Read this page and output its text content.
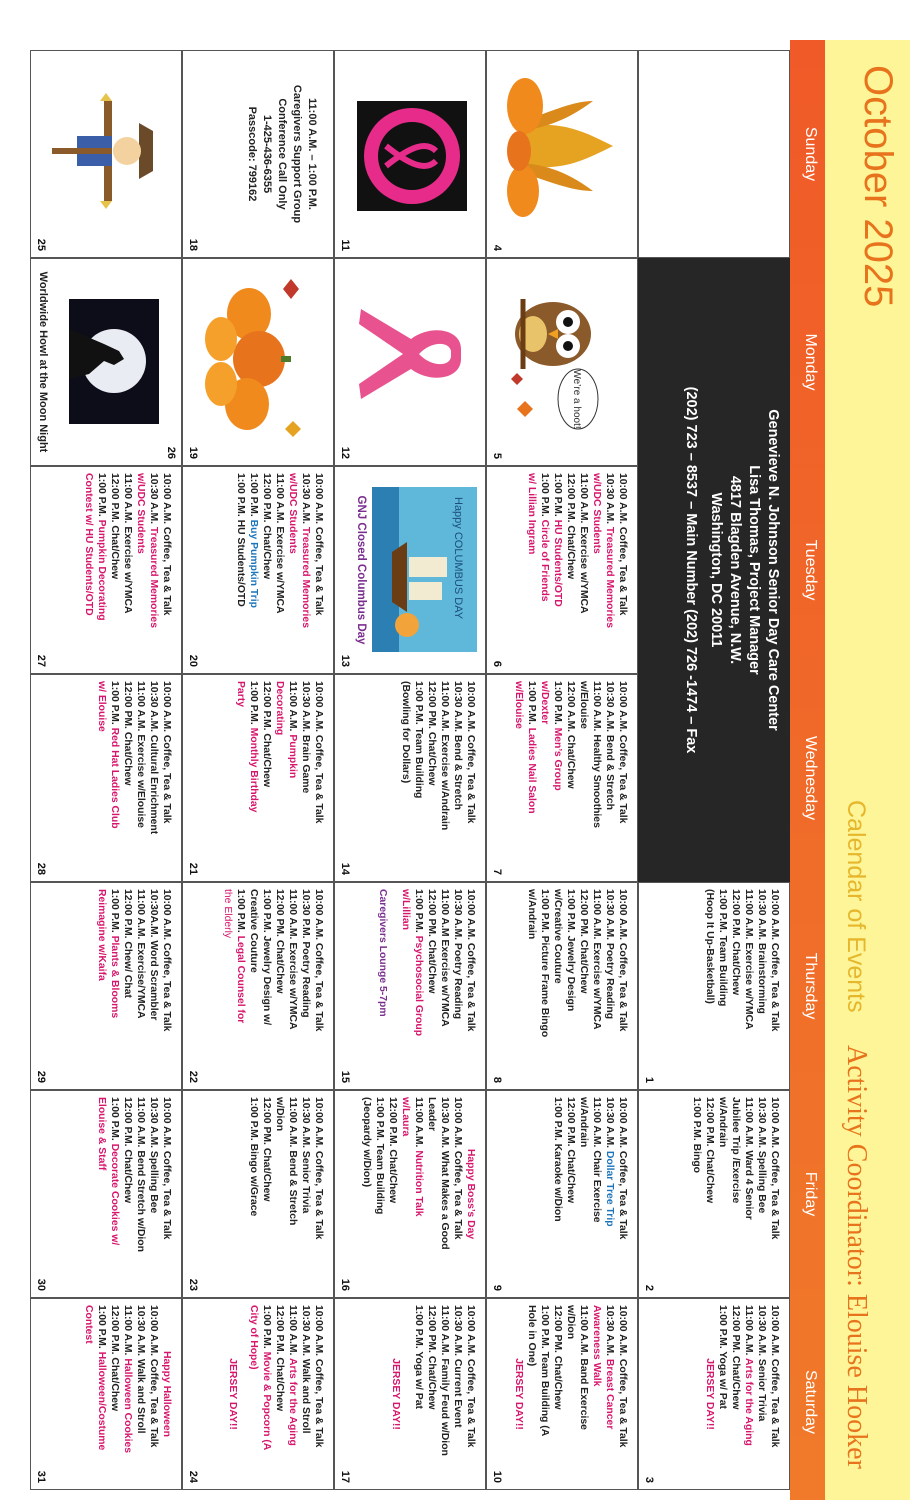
October 2025
Calendar of Events
Activity Coordinator: Elouise Hooker
Sunday
Monday
Tuesday
Wednesday
Thursday
Friday
Saturday
Genevieve N. Johnson Senior Day Care Center
Lisa Thomas, Project Manager
4817 Blagden Avenue, N.W.
Washington, DC 20011
(202) 723 – 8537 – Main Number (202) 726 -1474 – Fax
10:00 A.M. Coffee, Tea & Talk
10:30 A.M. Brainstorming
11:00 A.M. Exercise w/YMCA
12:00 P.M. Chat/Chew
1:00 P.M. Team Building
(Hoop It Up-Basketball)
1
10:00 A.M. Coffee, Tea & Talk
10:30 A.M. Spelling Bee
11:00 A.M. Ward 4 Senior
Jubilee Trip /Exercise
w/Andrain
12:00 P.M. Chat/Chew
1:00 P.M. Bingo
2
10:00 A.M. Coffee, Tea & Talk
10:30 A.M. Senior Trivia
11:00 A.M. Arts for the Aging
12:00 PM. Chat/Chew
1:00 P.M. Yoga w/ Pat
JERSEY DAY!!
3
4
We’re a hoot!
5
10:00 A.M. Coffee, Tea & Talk
10:30 A.M. Treasured Memories
w/UDC Students
11:00 A.M. Exercise w/YMCA
12:00 P.M. Chat/Chew
1:00 P.M. HU Students/OTD
1:00 P.M. Circle of Friends
w/ Lillian Ingram
6
10:00 A.M. Coffee, Tea & Talk
10:30 A.M. Bend & Stretch
11:00 A.M. Healthy Smoothies
w/Elouise
12:00 A.M. Chat/Chew
1:00 P.M. Men’s Group
w/Dexter
1:00 P.M. Ladies Nail Salon
w/Elouise
7
10:00 A.M. Coffee, Tea & Talk
10:30 A.M. Poetry Reading
11:00 A.M. Exercise w/YMCA
12:00 PM. Chat/Chew
1:00 P.M. Jewelry Design
w/Creative Couture
1:00 P.M. Picture Frame Bingo
w/Andrain
8
10:00 A.M. Coffee, Tea & Talk
10:30 A.M. Dollar Tree Trip
11:00 A.M. Chair Exercise
w/Andrain
12:00 P.M. Chat/Chew
1:00 P.M. Karaoke w/Dion
9
10:00 A.M. Coffee, Tea & Talk
10:30 A.M. Breast Cancer
Awareness Walk
11:00 A.M. Band Exercise
w/Dion
12:00 PM. Chat/Chew
1:00 P.M. Team Building (A
Hole in One)
JERSEY DAY!!
10
11
12
Happy COLUMBUS DAY
GNJ Closed Columbus Day
13
10:00 A.M. Coffee, Tea & Talk
10:30 A.M. Bend & Stretch
11:00 A.M. Exercise w/Andrain
12:00 PM. Chat/Chew
1:00 P.M. Team Building
(Bowling for Dollars)
14
10:00 A.M. Coffee, Tea & Talk
10:30 A.M. Poetry Reading
11:00 A.M Exercise w/YMCA
12:00 PM. Chat/Chew
1:00 P.M. Psychosocial Group
w/Lillian
Caregivers Lounge 5-7pm
15
Happy Boss’s Day
10:00 A.M. Coffee, Tea & Talk
10:30 A.M. What Makes a Good
Leader
11:00 A.M. Nutrition Talk
w/Laura
12:00 P.M. Chat/Chew
1:00 P.M. Team Building
(Jeopardy w/Dion)
16
10:00 A.M. Coffee, Tea & Talk
10:30 A.M. Current Event
11:00 A.M. Family Feud w/Dion
12:00 PM. Chat/Chew
1:00 P.M. Yoga w/ Pat
JERSEY DAY!!
17
11:00 A.M. – 1:00 P.M.
Caregivers Support Group
Conference Call Only
1-425-436-6355
Passcode: 799162
18
19
10:00 A.M. Coffee, Tea & Talk
10:30 A.M. Treasured Memories
w/UDC Students
11:00 A.M. Exercise w/YMCA
12:00 P.M. Chat/Chew
1:00 P.M. Buy Pumpkin Trip
1:00 P.M. HU Students/OTD
20
10:00 A.M. Coffee, Tea & Talk
10:30 A.M. Brain Game
11:00 A.M. Pumpkin
Decorating
12:00 P.M. Chat/Chew
1:00 P.M. Monthly Birthday
Party
21
10:00 A.M. Coffee, Tea & Talk
10:30 P.M. Poetry Reading
11:00 A.M. Exercise w/YMCA
12:00 PM. Chat/Chew
1:00 P.M. Jewelry Design w/
Creative Couture
1:00 P.M. Legal Counsel for
the Elderly
22
10:00 A.M. Coffee, Tea & Talk
10:30 A.M. Senior Trivia
11:00 A.M. Bend & Stretch
w/Dion
12:00 PM. Chat/Chew
1:00 P.M. Bingo w/Grace
23
10:00 A.M. Coffee, Tea & Talk
10:30 A.M. Walk and Stroll
11:00 A.M. Arts for the Aging
12:00 P.M. Chat/Chew
1:00 P.M. Movie & Popcorn (A
City of Hope)
JERSEY DAY!!
24
25
26
Worldwide Howl at the Moon Night
10:00 A.M. Coffee, Tea & Talk
10:30 A.M. Treasured Memories
w/UDC Students
11:00 A.M. Exercise w/YMCA
12:00 P.M. Chat/Chew
1:00 P.M. Pumpkin Decorating
Contest w/ HU Students/OTD
27
10:00 A.M. Coffee, Tea & Talk
10:30 A.M. Cultural Enrichment
11:00 A.M. Exercise w/Elouise
12:00 PM. Chat/Chew
1:00 P.M. Red Hat Ladies Club
w/ Elouise
28
10:00 A.M. Coffee, Tea & Talk
10:30A.M. Word Scrambler
11:00 A.M. Exercise/YMCA
12:00 P.M. Chew/ Chat
1:00 P.M. Plants & Blooms
Reimagine w/Kaifa
29
10:00 A.M. Coffee, Tea & Talk
10:30 A.M. Spelling Bee
11:00 A.M. Bend Stretch w/Dion
12:00 P.M. Chat/Chew
1:00 P.M. Decorate Cookies w/
Elouise & Staff
30
Happy Halloween
10:00 A.M. Coffee, Tea & Talk
10:30 A.M. Walk and Stroll
11:00 A.M. Halloween Cookies
12:00 P.M. Chat/Chew
1:00 P.M. Halloween/Costume
Contest
31
